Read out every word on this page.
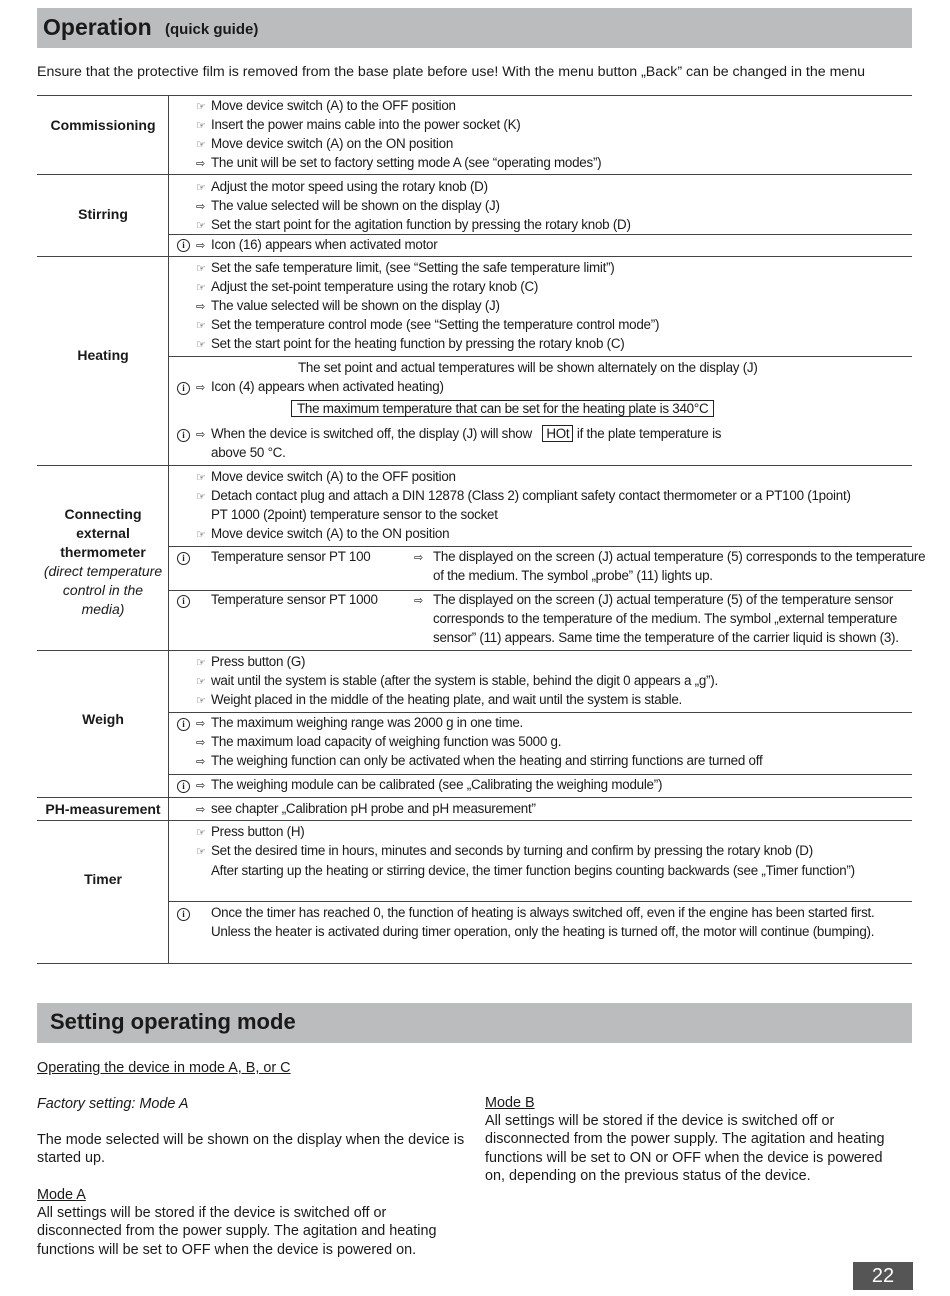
Operation (quick guide)
Ensure that the protective film is removed from the base plate before use! With the menu button „Back” can be changed in the menu
Commissioning
☞ Move device switch (A) to the OFF position
☞ Insert the power mains cable into the power socket (K)
☞ Move device switch (A) on the ON position
⇨ The unit will be set to factory setting mode A (see “operating modes”)
Stirring
☞ Adjust the motor speed using the rotary knob (D)
⇨ The value selected will be shown on the display (J)
☞ Set the start point for the agitation function by pressing the rotary knob (D)
i	⇨ Icon (16) appears when activated motor
Heating
☞ Set the safe temperature limit, (see “Setting the safe temperature limit”)
☞ Adjust the set-point temperature using the rotary knob (C)
⇨ The value selected will be shown on the display (J)
☞ Set the temperature control mode (see “Setting the temperature control mode”)
☞ Set the start point for the heating function by pressing the rotary knob (C)
The set point and actual temperatures will be shown alternately on the display (J)
i	⇨ Icon (4) appears when activated heating)
The maximum temperature that can be set for the heating plate is 340°C
i	⇨ When the device is switched off, the display (J) will show HOt if the plate temperature is
above 50 °C.
Connecting
external
thermometer
(direct temperature
control in the
media)
☞ Move device switch (A) to the OFF position
☞ Detach contact plug and attach a DIN 12878 (Class 2) compliant safety contact thermometer or a PT100 (1point)
PT 1000 (2point) temperature sensor to the socket
☞ Move device switch (A) to the ON position
i	Temperature sensor PT 100	⇨ The displayed on the screen (J) actual temperature (5) corresponds to the temperature
of the medium. The symbol „probe” (11) lights up.
i	Temperature sensor PT 1000	⇨ The displayed on the screen (J) actual temperature (5) of the temperature sensor
corresponds to the temperature of the medium. The symbol „external temperature
sensor” (11) appears. Same time the temperature of the carrier liquid is shown (3).
Weigh
☞ Press button (G)
☞ wait until the system is stable (after the system is stable, behind the digit 0 appears a „g”).
☞ Weight placed in the middle of the heating plate, and wait until the system is stable.
i	⇨ The maximum weighing range was 2000 g in one time.
⇨ The maximum load capacity of weighing function was 5000 g.
⇨ The weighing function can only be activated when the heating and stirring functions are turned off
i	⇨ The weighing module can be calibrated (see „Calibrating the weighing module”)
PH-measurement	⇨ see chapter „Calibration pH probe and pH measurement”
Timer
☞ Press button (H)
☞ Set the desired time in hours, minutes and seconds by turning and confirm by pressing the rotary knob (D)
After starting up the heating or stirring device, the timer function begins counting backwards (see „Timer function”)
i	Once the timer has reached 0, the function of heating is always switched off, even if the engine has been started first.
Unless the heater is activated during timer operation, only the heating is turned off, the motor will continue (bumping).
Setting operating mode
Operating the device in mode A, B, or C
Factory setting: Mode A
The mode selected will be shown on the display when the device is started up.
Mode A
All settings will be stored if the device is switched off or disconnected from the power supply. The agitation and heating functions will be set to OFF when the device is powered on.
Mode B
All settings will be stored if the device is switched off or disconnected from the power supply. The agitation and heating functions will be set to ON or OFF when the device is powered on, depending on the previous status of the device.
22
